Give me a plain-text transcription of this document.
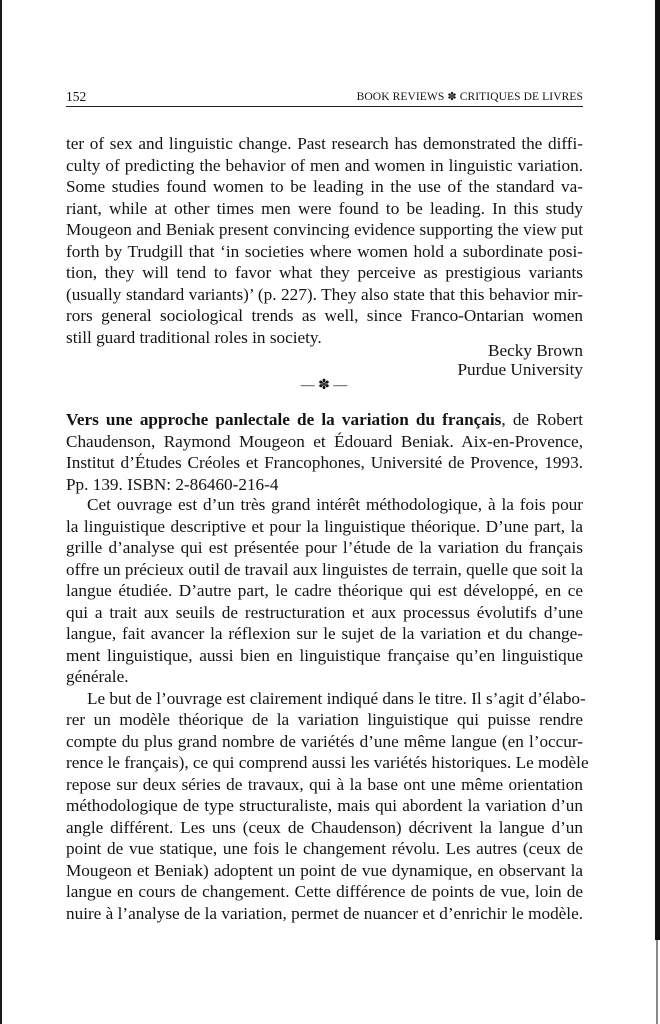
152	BOOK REVIEWS ✽ CRITIQUES DE LIVRES
ter of sex and linguistic change. Past research has demonstrated the diffi-
culty of predicting the behavior of men and women in linguistic variation.
Some studies found women to be leading in the use of the standard va-
riant, while at other times men were found to be leading. In this study
Mougeon and Beniak present convincing evidence supporting the view put
forth by Trudgill that ‘in societies where women hold a subordinate posi-
tion, they will tend to favor what they perceive as prestigious variants
(usually standard variants)’ (p. 227). They also state that this behavior mir-
rors general sociological trends as well, since Franco-Ontarian women
still guard traditional roles in society.
Becky Brown
Purdue University
— ✽ —
Vers une approche panlectale de la variation du français, de Robert
Chaudenson, Raymond Mougeon et Édouard Beniak. Aix-en-Provence,
Institut d’Études Créoles et Francophones, Université de Provence, 1993.
Pp. 139. ISBN: 2-86460-216-4
Cet ouvrage est d’un très grand intérêt méthodologique, à la fois pour
la linguistique descriptive et pour la linguistique théorique. D’une part, la
grille d’analyse qui est présentée pour l’étude de la variation du français
offre un précieux outil de travail aux linguistes de terrain, quelle que soit la
langue étudiée. D’autre part, le cadre théorique qui est développé, en ce
qui a trait aux seuils de restructuration et aux processus évolutifs d’une
langue, fait avancer la réflexion sur le sujet de la variation et du change-
ment linguistique, aussi bien en linguistique française qu’en linguistique
générale.
Le but de l’ouvrage est clairement indiqué dans le titre. Il s’agit d’élabo-
rer un modèle théorique de la variation linguistique qui puisse rendre
compte du plus grand nombre de variétés d’une même langue (en l’occur-
rence le français), ce qui comprend aussi les variétés historiques. Le modèle
repose sur deux séries de travaux, qui à la base ont une même orientation
méthodologique de type structuraliste, mais qui abordent la variation d’un
angle différent. Les uns (ceux de Chaudenson) décrivent la langue d’un
point de vue statique, une fois le changement révolu. Les autres (ceux de
Mougeon et Beniak) adoptent un point de vue dynamique, en observant la
langue en cours de changement. Cette différence de points de vue, loin de
nuire à l’analyse de la variation, permet de nuancer et d’enrichir le modèle.
